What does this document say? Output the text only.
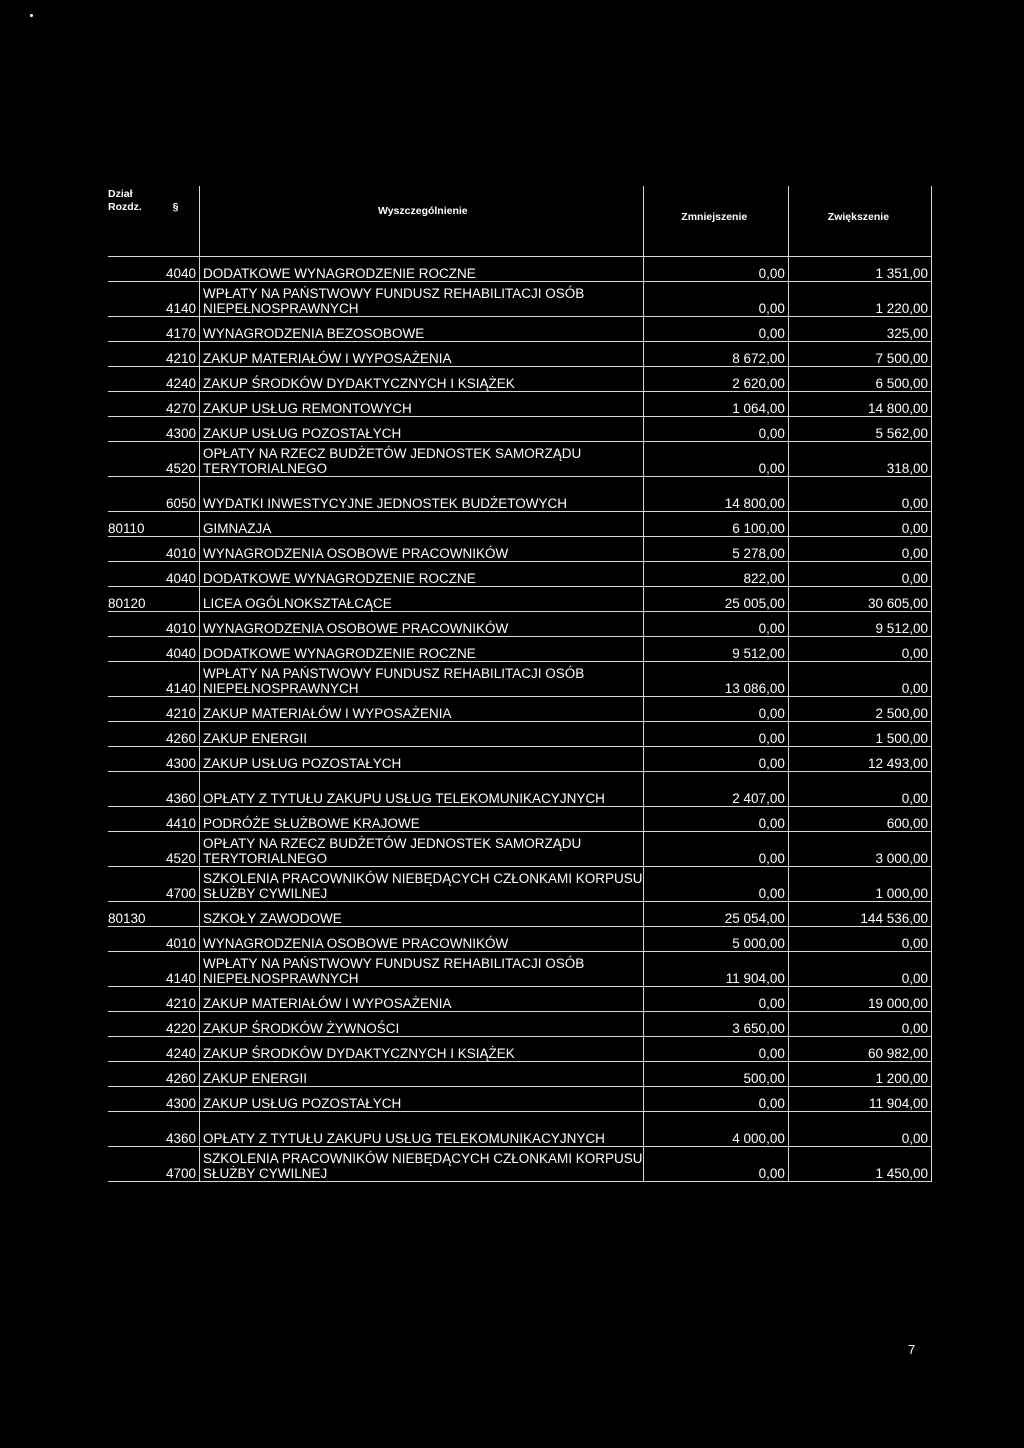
Dział Rozdz.	§	Wyszczególnienie	Zmniejszenie	Zwiększenie
	4040	DODATKOWE WYNAGRODZENIE ROCZNE	0,00	1 351,00
	4140	WPŁATY NA PAŃSTWOWY FUNDUSZ REHABILITACJI OSÓB NIEPEŁNOSPRAWNYCH	0,00	1 220,00
	4170	WYNAGRODZENIA BEZOSOBOWE	0,00	325,00
	4210	ZAKUP MATERIAŁÓW I WYPOSAŻENIA	8 672,00	7 500,00
	4240	ZAKUP ŚRODKÓW DYDAKTYCZNYCH I KSIĄŻEK	2 620,00	6 500,00
	4270	ZAKUP USŁUG REMONTOWYCH	1 064,00	14 800,00
	4300	ZAKUP USŁUG POZOSTAŁYCH	0,00	5 562,00
	4520	OPŁATY NA RZECZ BUDŻETÓW JEDNOSTEK SAMORZĄDU TERYTORIALNEGO	0,00	318,00
	6050	WYDATKI INWESTYCYJNE JEDNOSTEK BUDŻETOWYCH	14 800,00	0,00
80110		GIMNAZJA	6 100,00	0,00
	4010	WYNAGRODZENIA OSOBOWE PRACOWNIKÓW	5 278,00	0,00
	4040	DODATKOWE WYNAGRODZENIE ROCZNE	822,00	0,00
80120		LICEA OGÓLNOKSZTAŁCĄCE	25 005,00	30 605,00
	4010	WYNAGRODZENIA OSOBOWE PRACOWNIKÓW	0,00	9 512,00
	4040	DODATKOWE WYNAGRODZENIE ROCZNE	9 512,00	0,00
	4140	WPŁATY NA PAŃSTWOWY FUNDUSZ REHABILITACJI OSÓB NIEPEŁNOSPRAWNYCH	13 086,00	0,00
	4210	ZAKUP MATERIAŁÓW I WYPOSAŻENIA	0,00	2 500,00
	4260	ZAKUP ENERGII	0,00	1 500,00
	4300	ZAKUP USŁUG POZOSTAŁYCH	0,00	12 493,00
	4360	OPŁATY Z TYTUŁU ZAKUPU USŁUG TELEKOMUNIKACYJNYCH	2 407,00	0,00
	4410	PODRÓŻE SŁUŻBOWE KRAJOWE	0,00	600,00
	4520	OPŁATY NA RZECZ BUDŻETÓW JEDNOSTEK SAMORZĄDU TERYTORIALNEGO	0,00	3 000,00
	4700	SZKOLENIA PRACOWNIKÓW NIEBĘDĄCYCH CZŁONKAMI KORPUSU SŁUŻBY CYWILNEJ	0,00	1 000,00
80130		SZKOŁY ZAWODOWE	25 054,00	144 536,00
	4010	WYNAGRODZENIA OSOBOWE PRACOWNIKÓW	5 000,00	0,00
	4140	WPŁATY NA PAŃSTWOWY FUNDUSZ REHABILITACJI OSÓB NIEPEŁNOSPRAWNYCH	11 904,00	0,00
	4210	ZAKUP MATERIAŁÓW I WYPOSAŻENIA	0,00	19 000,00
	4220	ZAKUP ŚRODKÓW ŻYWNOŚCI	3 650,00	0,00
	4240	ZAKUP ŚRODKÓW DYDAKTYCZNYCH I KSIĄŻEK	0,00	60 982,00
	4260	ZAKUP ENERGII	500,00	1 200,00
	4300	ZAKUP USŁUG POZOSTAŁYCH	0,00	11 904,00
	4360	OPŁATY Z TYTUŁU ZAKUPU USŁUG TELEKOMUNIKACYJNYCH	4 000,00	0,00
	4700	SZKOLENIA PRACOWNIKÓW NIEBĘDĄCYCH CZŁONKAMI KORPUSU SŁUŻBY CYWILNEJ	0,00	1 450,00
7
